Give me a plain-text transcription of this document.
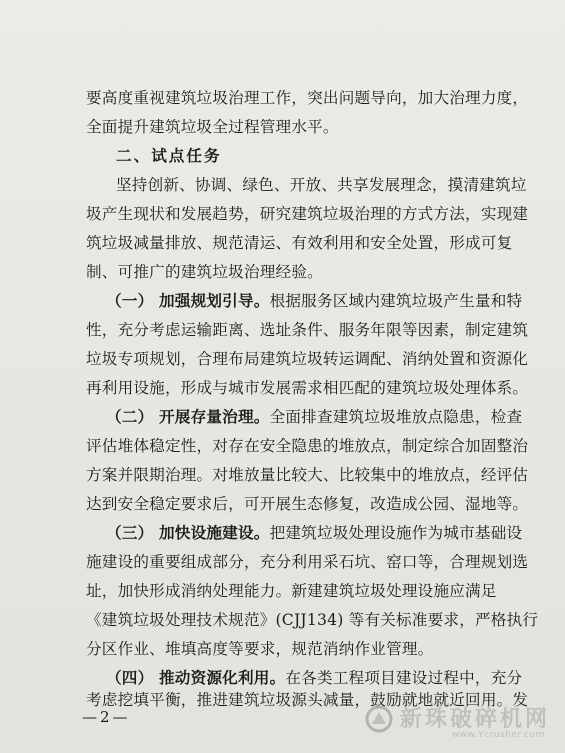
要高度重视建筑垃圾治理工作，突出问题导向，加大治理力度，
全面提升建筑垃圾全过程管理水平。
二、试点任务
坚持创新、协调、绿色、开放、共享发展理念，摸清建筑垃
圾产生现状和发展趋势，研究建筑垃圾治理的方式方法，实现建
筑垃圾减量排放、规范清运、有效利用和安全处置，形成可复
制、可推广的建筑垃圾治理经验。
（一） 加强规划引导。根据服务区域内建筑垃圾产生量和特
性，充分考虑运输距离、选址条件、服务年限等因素，制定建筑
垃圾专项规划，合理布局建筑垃圾转运调配、消纳处置和资源化
再利用设施，形成与城市发展需求相匹配的建筑垃圾处理体系。
（二） 开展存量治理。全面排查建筑垃圾堆放点隐患，检查
评估堆体稳定性，对存在安全隐患的堆放点，制定综合加固整治
方案并限期治理。对堆放量比较大、比较集中的堆放点，经评估
达到安全稳定要求后，可开展生态修复，改造成公园、湿地等。
（三） 加快设施建设。把建筑垃圾处理设施作为城市基础设
施建设的重要组成部分，充分利用采石坑、窑口等，合理规划选
址，加快形成消纳处理能力。新建建筑垃圾处理设施应满足
《建筑垃圾处理技术规范》(CJJ134) 等有关标准要求，严格执行
分区作业、堆填高度等要求，规范消纳作业管理。
（四） 推动资源化利用。在各类工程项目建设过程中，充分
考虑挖填平衡，推进建筑垃圾源头减量，鼓励就地就近回用。发
—2—	新珠破碎机网
www.Ycrusher.com
